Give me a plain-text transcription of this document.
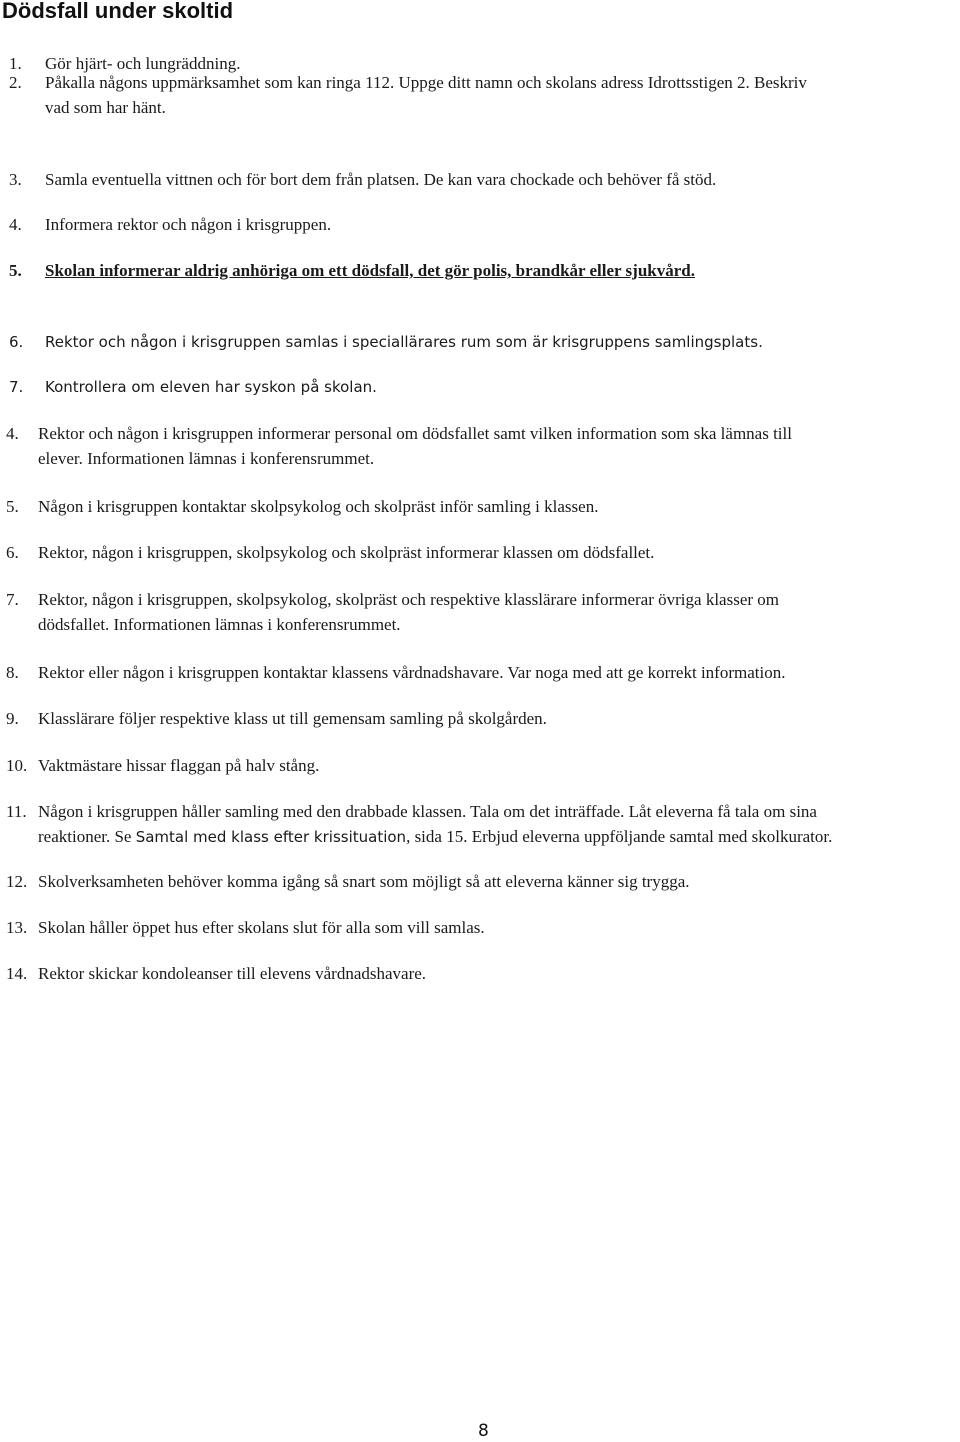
Dödsfall under skoltid
1. Gör hjärt- och lungräddning.
2. Påkalla någons uppmärksamhet som kan ringa 112. Uppge ditt namn och skolans adress Idrottsstigen 2. Beskriv
vad som har hänt.
3. Samla eventuella vittnen och för bort dem från platsen. De kan vara chockade och behöver få stöd.
4. Informera rektor och någon i krisgruppen.
5. Skolan informerar aldrig anhöriga om ett dödsfall, det gör polis, brandkår eller sjukvård.
6. Rektor och någon i krisgruppen samlas i speciallärares rum som är krisgruppens samlingsplats.
7. Kontrollera om eleven har syskon på skolan.
4. Rektor och någon i krisgruppen informerar personal om dödsfallet samt vilken information som ska lämnas till
elever. Informationen lämnas i konferensrummet.
5. Någon i krisgruppen kontaktar skolpsykolog och skolpräst inför samling i klassen.
6. Rektor, någon i krisgruppen, skolpsykolog och skolpräst informerar klassen om dödsfallet.
7. Rektor, någon i krisgruppen, skolpsykolog, skolpräst och respektive klasslärare informerar övriga klasser om
dödsfallet. Informationen lämnas i konferensrummet.
8. Rektor eller någon i krisgruppen kontaktar klassens vårdnadshavare. Var noga med att ge korrekt information.
9. Klasslärare följer respektive klass ut till gemensam samling på skolgården.
10. Vaktmästare hissar flaggan på halv stång.
11. Någon i krisgruppen håller samling med den drabbade klassen. Tala om det inträffade. Låt eleverna få tala om sina
reaktioner. Se Samtal med klass efter krissituation, sida 15. Erbjud eleverna uppföljande samtal med skolkurator.
12. Skolverksamheten behöver komma igång så snart som möjligt så att eleverna känner sig trygga.
13. Skolan håller öppet hus efter skolans slut för alla som vill samlas.
14. Rektor skickar kondoleanser till elevens vårdnadshavare.
8
